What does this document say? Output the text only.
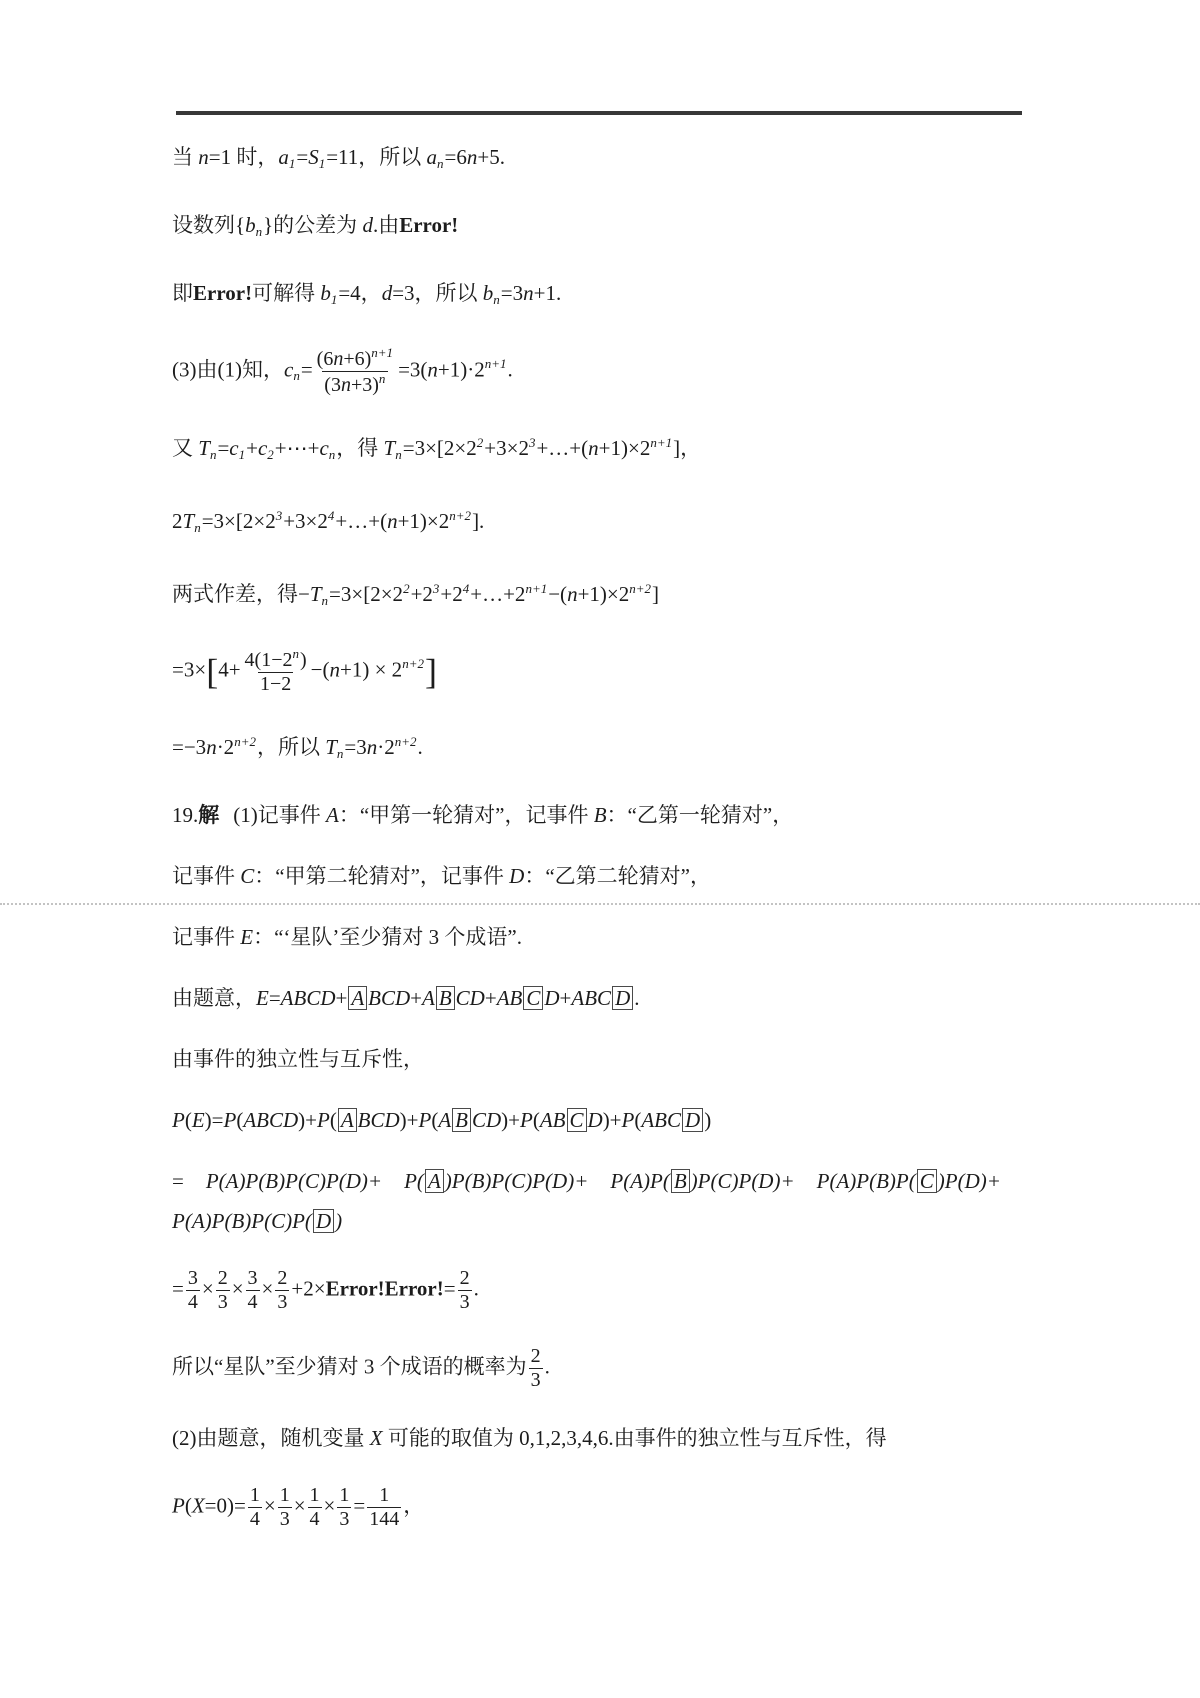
当 n=1 时，$a_1=S_1=11$，所以 $a_n=6n+5$.
设数列$\{b_n\}$的公差为 d.由Error!
即Error!可解得 $b_1=4$，d=3，所以 $b_n=3n+1$.
(3)由(1)知，$c_n= \frac{(6n+6)^{n+1}}{(3n+3)^n} =3(n+1)\cdot 2^{n+1}$.
又 $T_n=c_1+c_2+\cdots+c_n$，得 $T_n=3\times[2\times 2^2+3\times 2^3+\dots+(n+1)\times 2^{n+1}]$，
$2T_n=3\times[2\times 2^3+3\times 2^4+\dots+(n+1)\times 2^{n+2}]$.
两式作差，得$-T_n=3\times[2\times 2^2+2^3+2^4+\dots+2^{n+1}-(n+1)\times 2^{n+2}]$
$=3\times[4+ \frac{4(1-2^n)}{1-2} -(n+1) \times 2^{n+2}]$
$=-3n\cdot 2^{n+2}$，所以 $T_n=3n\cdot 2^{n+2}$.
19.解 (1)记事件 A：“甲第一轮猜对”，记事件 B：“乙第一轮猜对”，
记事件 C：“甲第二轮猜对”，记事件 D：“乙第二轮猜对”，
记事件 E：“‘星队’至少猜对 3 个成语”.
由题意，E=ABCD+ A BCD+A B CD+AB C D+ABC D .
由事件的独立性与互斥性，
P(E)=P(ABCD)+P( A BCD)+P(A B CD)+P(AB C D)+P(ABC D )
= P(A)P(B)P(C)P(D)+ P( A )P(B)P(C)P(D)+ P(A)P( B )P(C)P(D)+ P(A)P(B)P( C )P(D)+
P(A)P(B)P(C)P( D )
= $\frac{3}{4} \times \frac{2}{3} \times \frac{3}{4} \times \frac{2}{3}$ +2×Error!Error!= $\frac{2}{3}$ .
所以“星队”至少猜对 3 个成语的概率为 $\frac{2}{3}$ .
(2)由题意，随机变量 X 可能的取值为 0,1,2,3,4,6.由事件的独立性与互斥性，得
$P(X=0)= \frac{1}{4} \times \frac{1}{3} \times \frac{1}{4} \times \frac{1}{3} = \frac{1}{144}$ ，
